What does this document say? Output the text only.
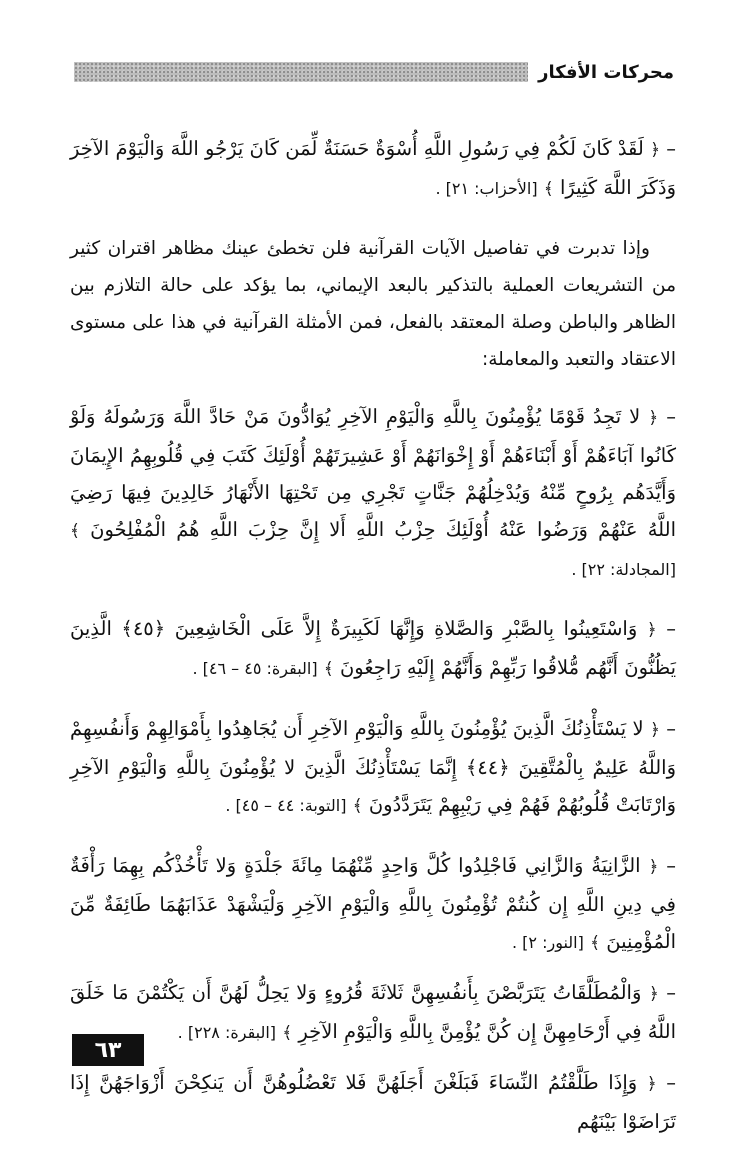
محركات الأفكار

– ﴿ لَقَدْ كَانَ لَكُمْ فِي رَسُولِ اللَّهِ أُسْوَةٌ حَسَنَةٌ لِّمَن كَانَ يَرْجُو اللَّهَ وَالْيَوْمَ الآخِرَ وَذَكَرَ اللَّهَ كَثِيرًا ﴾ [الأحزاب: ٢١] .

وإذا تدبرت في تفاصيل الآيات القرآنية فلن تخطئ عينك مظاهر اقتران كثير من التشريعات العملية بالتذكير بالبعد الإيماني، بما يؤكد على حالة التلازم بين الظاهر والباطن وصلة المعتقد بالفعل، فمن الأمثلة القرآنية في هذا على مستوى الاعتقاد والتعبد والمعاملة:

– ﴿ لا تَجِدُ قَوْمًا يُؤْمِنُونَ بِاللَّهِ وَالْيَوْمِ الآخِرِ يُوَادُّونَ مَنْ حَادَّ اللَّهَ وَرَسُولَهُ وَلَوْ كَانُوا آبَاءَهُمْ أَوْ أَبْنَاءَهُمْ أَوْ إِخْوَانَهُمْ أَوْ عَشِيرَتَهُمْ أُوْلَئِكَ كَتَبَ فِي قُلُوبِهِمُ الإِيمَانَ وَأَيَّدَهُم بِرُوحٍ مِّنْهُ وَيُدْخِلُهُمْ جَنَّاتٍ تَجْرِي مِن تَحْتِهَا الأَنْهَارُ خَالِدِينَ فِيهَا رَضِيَ اللَّهُ عَنْهُمْ وَرَضُوا عَنْهُ أُوْلَئِكَ حِزْبُ اللَّهِ أَلا إِنَّ حِزْبَ اللَّهِ هُمُ الْمُفْلِحُونَ ﴾ [المجادلة: ٢٢] .

– ﴿ وَاسْتَعِينُوا بِالصَّبْرِ وَالصَّلاةِ وَإِنَّهَا لَكَبِيرَةٌ إِلاَّ عَلَى الْخَاشِعِينَ ﴿٤٥﴾ الَّذِينَ يَظُنُّونَ أَنَّهُم مُّلاقُوا رَبِّهِمْ وَأَنَّهُمْ إِلَيْهِ رَاجِعُونَ ﴾ [البقرة: ٤٥ – ٤٦] .

– ﴿ لا يَسْتَأْذِنُكَ الَّذِينَ يُؤْمِنُونَ بِاللَّهِ وَالْيَوْمِ الآخِرِ أَن يُجَاهِدُوا بِأَمْوَالِهِمْ وَأَنفُسِهِمْ وَاللَّهُ عَلِيمٌ بِالْمُتَّقِينَ ﴿٤٤﴾ إِنَّمَا يَسْتَأْذِنُكَ الَّذِينَ لا يُؤْمِنُونَ بِاللَّهِ وَالْيَوْمِ الآخِرِ وَارْتَابَتْ قُلُوبُهُمْ فَهُمْ فِي رَيْبِهِمْ يَتَرَدَّدُونَ ﴾ [التوبة: ٤٤ – ٤٥] .

– ﴿ الزَّانِيَةُ وَالزَّانِي فَاجْلِدُوا كُلَّ وَاحِدٍ مِّنْهُمَا مِائَةَ جَلْدَةٍ وَلا تَأْخُذْكُم بِهِمَا رَأْفَةٌ فِي دِينِ اللَّهِ إِن كُنتُمْ تُؤْمِنُونَ بِاللَّهِ وَالْيَوْمِ الآخِرِ وَلْيَشْهَدْ عَذَابَهُمَا طَائِفَةٌ مِّنَ الْمُؤْمِنِينَ ﴾ [النور: ٢] .

– ﴿ وَالْمُطَلَّقَاتُ يَتَرَبَّصْنَ بِأَنفُسِهِنَّ ثَلاثَةَ قُرُوءٍ وَلا يَحِلُّ لَهُنَّ أَن يَكْتُمْنَ مَا خَلَقَ اللَّهُ فِي أَرْحَامِهِنَّ إِن كُنَّ يُؤْمِنَّ بِاللَّهِ وَالْيَوْمِ الآخِرِ ﴾ [البقرة: ٢٢٨] .

– ﴿ وَإِذَا طَلَّقْتُمُ النِّسَاءَ فَبَلَغْنَ أَجَلَهُنَّ فَلا تَعْضُلُوهُنَّ أَن يَنكِحْنَ أَزْوَاجَهُنَّ إِذَا تَرَاضَوْا بَيْنَهُم

٦٣
